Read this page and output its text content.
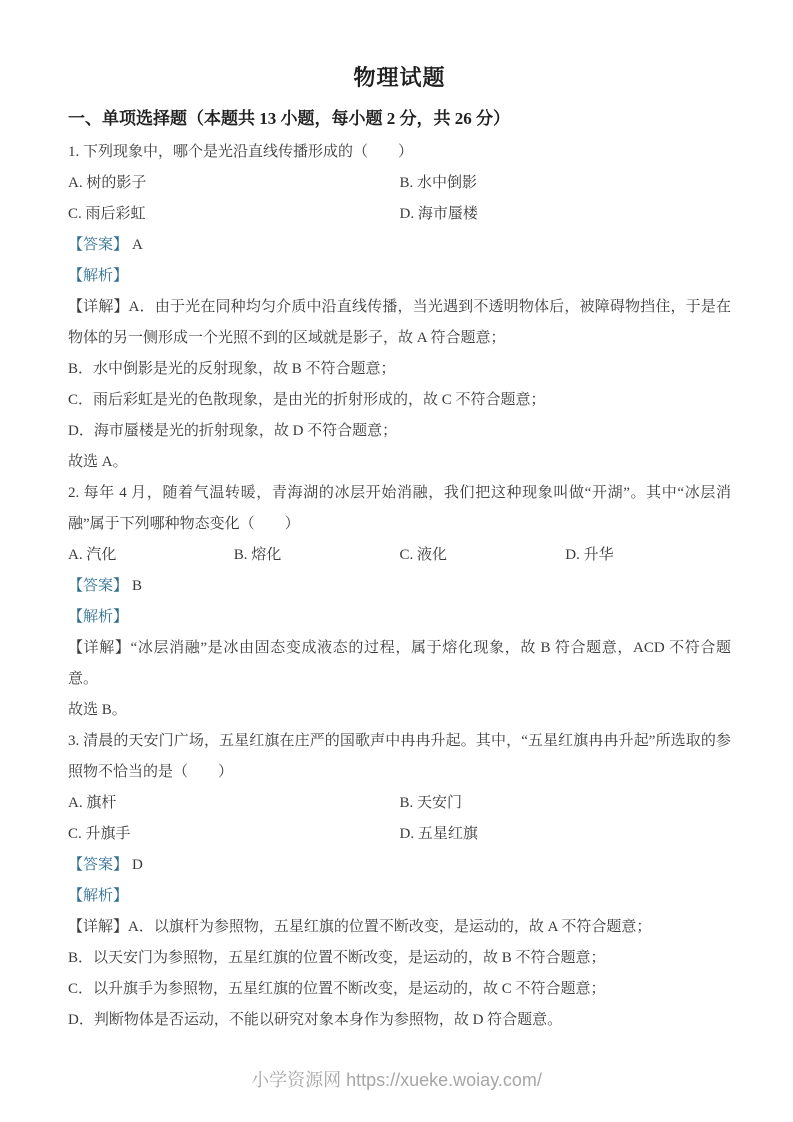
物理试题
一、单项选择题（本题共 13 小题，每小题 2 分，共 26 分）

1. 下列现象中，哪个是光沿直线传播形成的（　　）

A. 树的影子	B. 水中倒影
C. 雨后彩虹	D. 海市蜃楼

【答案】 A

【解析】

【详解】A．由于光在同种均匀介质中沿直线传播，当光遇到不透明物体后，被障碍物挡住，于是在物体的另一侧形成一个光照不到的区域就是影子，故 A 符合题意；

B．水中倒影是光的反射现象，故 B 不符合题意；

C．雨后彩虹是光的色散现象，是由光的折射形成的，故 C 不符合题意；

D．海市蜃楼是光的折射现象，故 D 不符合题意；

故选 A。

2. 每年 4 月，随着气温转暖，青海湖的冰层开始消融，我们把这种现象叫做“开湖”。其中“冰层消融”属于下列哪种物态变化（　　）

A. 汽化	B. 熔化	C. 液化	D. 升华

【答案】 B

【解析】

【详解】“冰层消融”是冰由固态变成液态的过程，属于熔化现象，故 B 符合题意，ACD 不符合题意。

故选 B。

3. 清晨的天安门广场，五星红旗在庄严的国歌声中冉冉升起。其中，“五星红旗冉冉升起”所选取的参照物不恰当的是（　　）

A. 旗杆	B. 天安门
C. 升旗手	D. 五星红旗

【答案】 D

【解析】

【详解】A．以旗杆为参照物，五星红旗的位置不断改变，是运动的，故 A 不符合题意；

B．以天安门为参照物，五星红旗的位置不断改变，是运动的，故 B 不符合题意；

C．以升旗手为参照物，五星红旗的位置不断改变，是运动的，故 C 不符合题意；

D．判断物体是否运动，不能以研究对象本身作为参照物，故 D 符合题意。

小学资源网 https://xueke.woiay.com/
